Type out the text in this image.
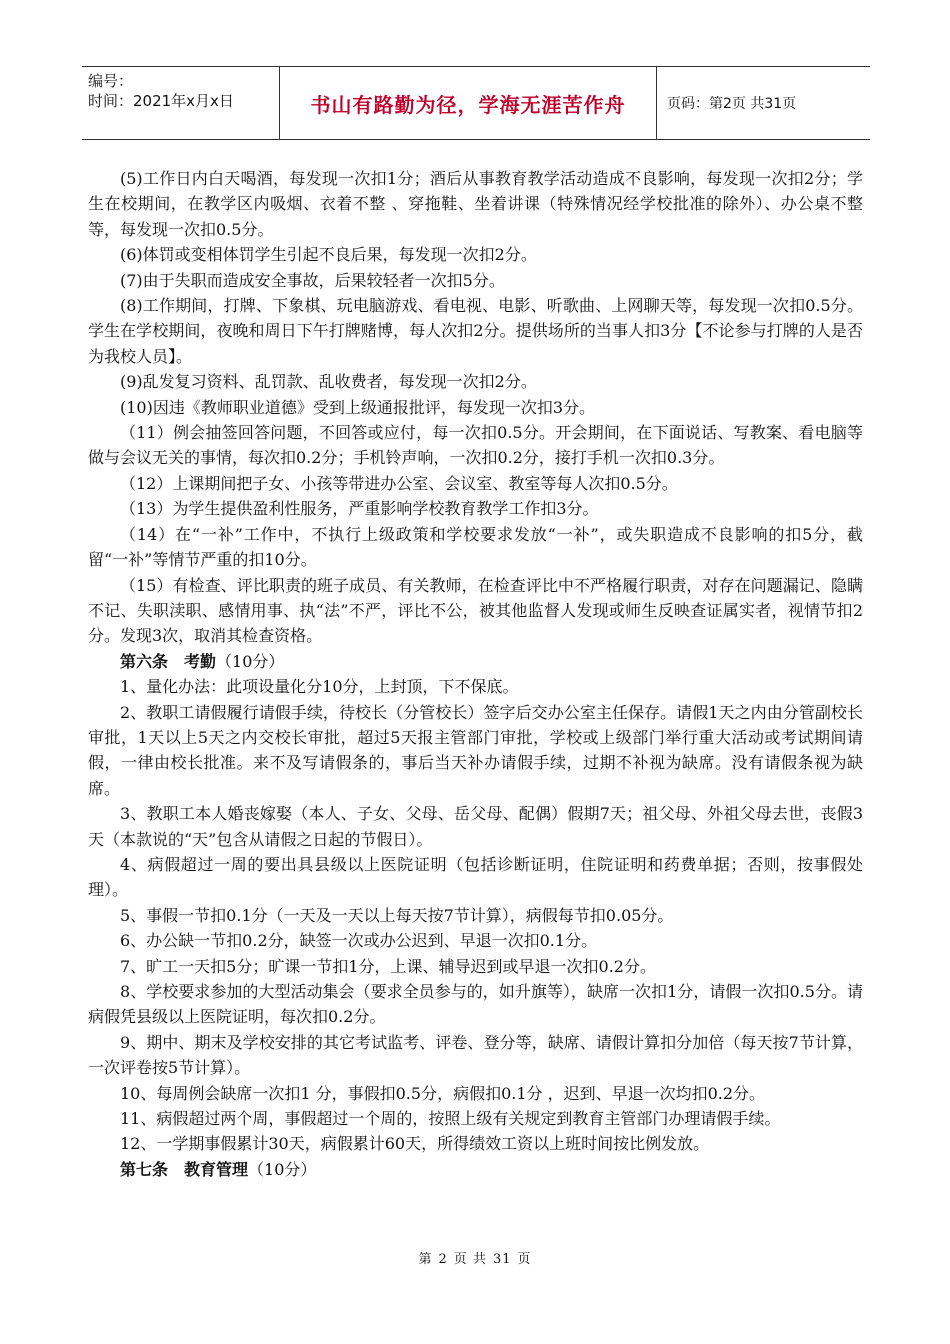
编号：
时间：2021年x月x日	书山有路勤为径，学海无涯苦作舟	页码：第2页 共31页

(5)工作日内白天喝酒，每发现一次扣1分；酒后从事教育教学活动造成不良影响，每发现一次扣2分；学生在校期间，在教学区内吸烟、衣着不整 、穿拖鞋、坐着讲课（特殊情况经学校批准的除外）、办公桌不整等，每发现一次扣0.5分。

(6)体罚或变相体罚学生引起不良后果，每发现一次扣2分。

(7)由于失职而造成安全事故，后果较轻者一次扣5分。

(8)工作期间，打牌、下象棋、玩电脑游戏、看电视、电影、听歌曲、上网聊天等，每发现一次扣0.5分。学生在学校期间，夜晚和周日下午打牌赌博，每人次扣2分。提供场所的当事人扣3分【不论参与打牌的人是否为我校人员】。

(9)乱发复习资料、乱罚款、乱收费者，每发现一次扣2分。

(10)因违《教师职业道德》受到上级通报批评，每发现一次扣3分。

（11）例会抽签回答问题，不回答或应付，每一次扣0.5分。开会期间，在下面说话、写教案、看电脑等做与会议无关的事情，每次扣0.2分；手机铃声响，一次扣0.2分，接打手机一次扣0.3分。

（12）上课期间把子女、小孩等带进办公室、会议室、教室等每人次扣0.5分。

（13）为学生提供盈利性服务，严重影响学校教育教学工作扣3分。

（14）在“一补”工作中，不执行上级政策和学校要求发放“一补”，或失职造成不良影响的扣5分，截留“一补”等情节严重的扣10分。

（15）有检查、评比职责的班子成员、有关教师，在检查评比中不严格履行职责，对存在问题漏记、隐瞒不记、失职渎职、感情用事、执“法”不严，评比不公，被其他监督人发现或师生反映查证属实者，视情节扣2分。发现3次，取消其检查资格。

第六条　考勤（10分）

1、量化办法：此项设量化分10分，上封顶，下不保底。

2、教职工请假履行请假手续，待校长（分管校长）签字后交办公室主任保存。请假1天之内由分管副校长审批，1天以上5天之内交校长审批，超过5天报主管部门审批，学校或上级部门举行重大活动或考试期间请假，一律由校长批准。来不及写请假条的，事后当天补办请假手续，过期不补视为缺席。没有请假条视为缺席。

3、教职工本人婚丧嫁娶（本人、子女、父母、岳父母、配偶）假期7天；祖父母、外祖父母去世，丧假3天（本款说的“天”包含从请假之日起的节假日）。

4、病假超过一周的要出具县级以上医院证明（包括诊断证明，住院证明和药费单据；否则，按事假处理）。

5、事假一节扣0.1分（一天及一天以上每天按7节计算），病假每节扣0.05分。

6、办公缺一节扣0.2分，缺签一次或办公迟到、早退一次扣0.1分。

7、旷工一天扣5分；旷课一节扣1分，上课、辅导迟到或早退一次扣0.2分。

8、学校要求参加的大型活动集会（要求全员参与的，如升旗等），缺席一次扣1分，请假一次扣0.5分。请病假凭县级以上医院证明，每次扣0.2分。

9、期中、期末及学校安排的其它考试监考、评卷、登分等，缺席、请假计算扣分加倍（每天按7节计算，一次评卷按5节计算）。

10、每周例会缺席一次扣1 分，事假扣0.5分，病假扣0.1分 ，迟到、早退一次均扣0.2分。

11、病假超过两个周，事假超过一个周的，按照上级有关规定到教育主管部门办理请假手续。

12、一学期事假累计30天，病假累计60天，所得绩效工资以上班时间按比例发放。

第七条　教育管理（10分）

第 2 页 共 31 页
